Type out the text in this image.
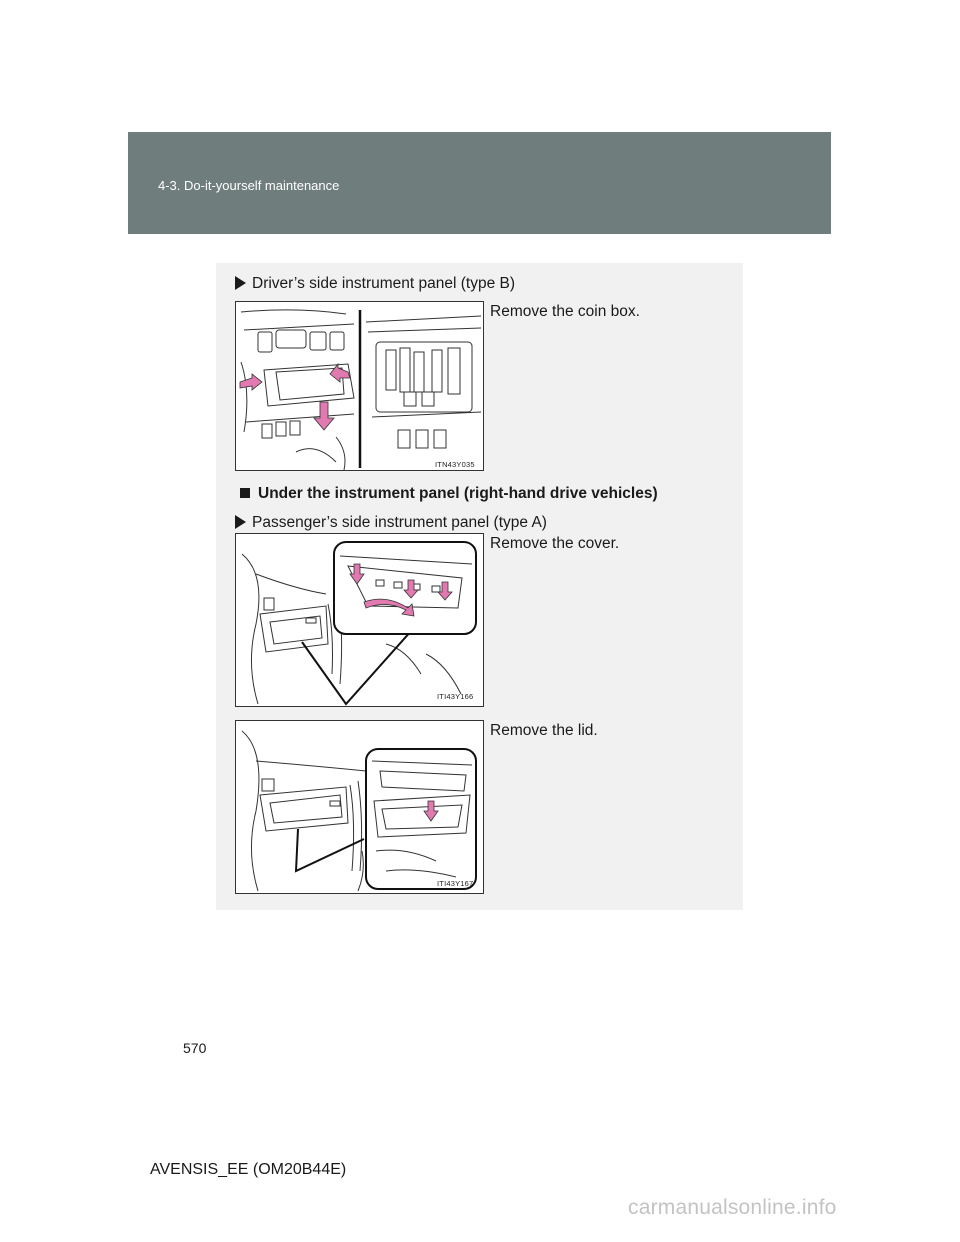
4-3. Do-it-yourself maintenance
Driver’s side instrument panel (type B)
Remove the coin box.
ITN43Y035
Under the instrument panel (right-hand drive vehicles)
Passenger’s side instrument panel (type A)
Remove the cover.
ITI43Y166
Remove the lid.
ITI43Y167
570
AVENSIS_EE (OM20B44E)
carmanualsonline.info
